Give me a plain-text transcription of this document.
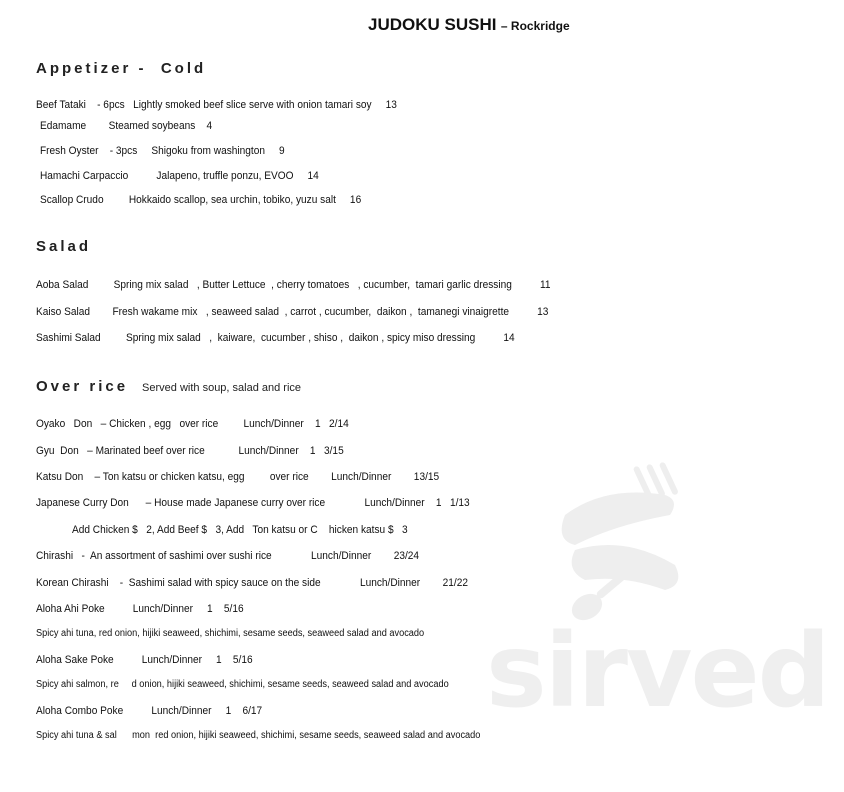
JUDOKU SUSHI – Rockridge
Appetizer -  Cold
Beef Tataki    - 6pcs   Lightly smoked beef slice serve with onion tamari soy     13
Edamame        Steamed soybeans    4
Fresh Oyster    - 3pcs     Shigoku from washington     9
Hamachi Carpaccio          Jalapeno, truffle ponzu, EVOO     14
Scallop Crudo         Hokkaido scallop, sea urchin, tobiko, yuzu salt     16
Salad
Aoba Salad         Spring mix salad   , Butter Lettuce  , cherry tomatoes   , cucumber,  tamari garlic dressing          11
Kaiso Salad        Fresh wakame mix   , seaweed salad  , carrot , cucumber,  daikon ,  tamanegi vinaigrette          13
Sashimi Salad         Spring mix salad   ,  kaiware,  cucumber , shiso ,  daikon , spicy miso dressing          14
Over rice Served with soup, salad and rice
Oyako   Don   – Chicken , egg   over rice         Lunch/Dinner    1   2/14
Gyu  Don   – Marinated beef over rice            Lunch/Dinner    1   3/15
Katsu Don    – Ton katsu or chicken katsu, egg         over rice        Lunch/Dinner        13/15
Japanese Curry Don      – House made Japanese curry over rice              Lunch/Dinner    1   1/13
Add Chicken $   2, Add Beef $   3, Add   Ton katsu or C    hicken katsu $   3
Chirashi   -  An assortment of sashimi over sushi rice              Lunch/Dinner        23/24
Korean Chirashi    -  Sashimi salad with spicy sauce on the side              Lunch/Dinner        21/22
Aloha Ahi Poke          Lunch/Dinner     1    5/16
Spicy ahi tuna, red onion, hijiki seaweed, shichimi, sesame seeds, seaweed salad and avocado
Aloha Sake Poke          Lunch/Dinner     1    5/16
Spicy ahi salmon, re     d onion, hijiki seaweed, shichimi, sesame seeds, seaweed salad and avocado
Aloha Combo Poke          Lunch/Dinner     1    6/17
Spicy ahi tuna & sal      mon  red onion, hijiki seaweed, shichimi, sesame seeds, seaweed salad and avocado
sirved
